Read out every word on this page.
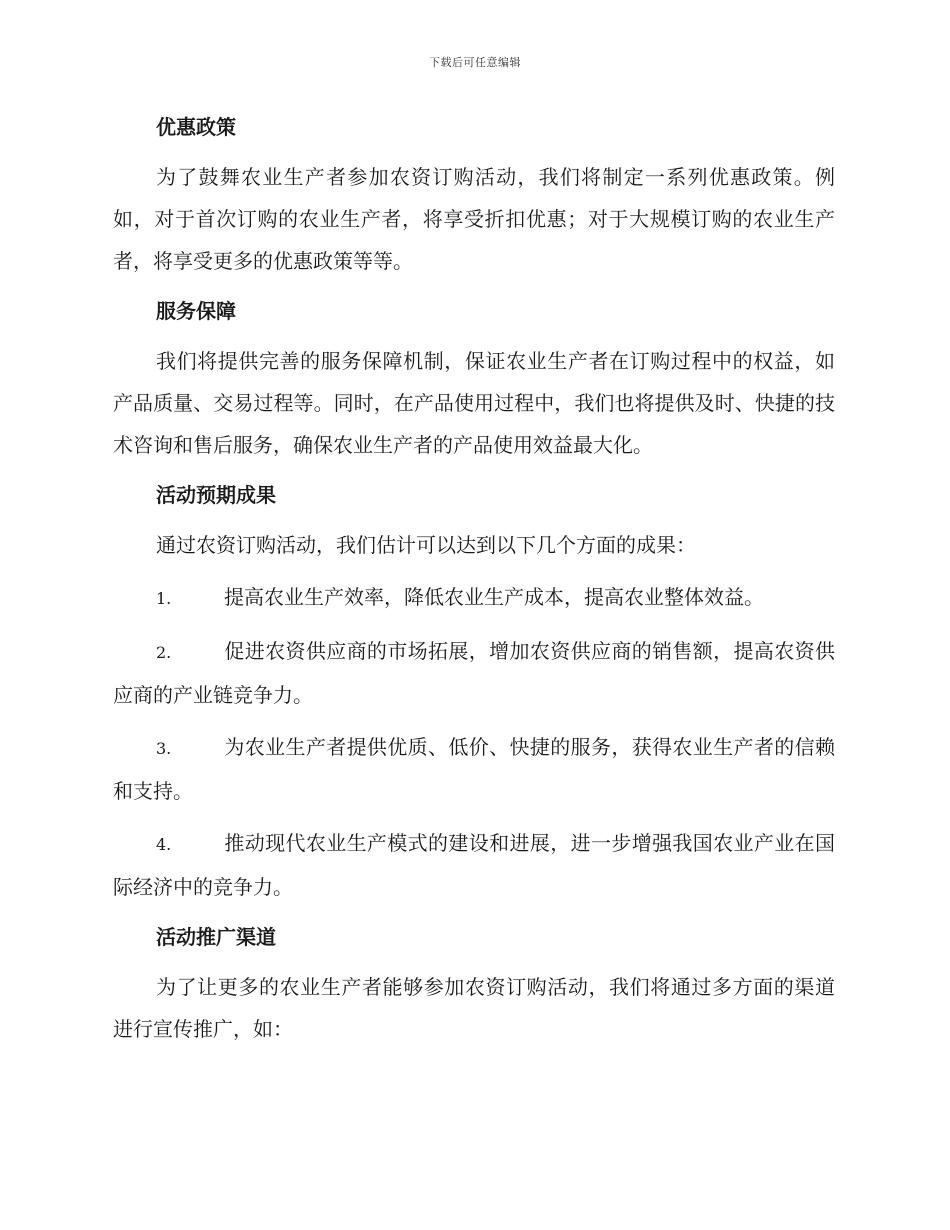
下载后可任意编辑

优惠政策

为了鼓舞农业生产者参加农资订购活动，我们将制定一系列优惠政策。例如，对于首次订购的农业生产者，将享受折扣优惠；对于大规模订购的农业生产者，将享受更多的优惠政策等等。

服务保障

我们将提供完善的服务保障机制，保证农业生产者在订购过程中的权益，如产品质量、交易过程等。同时，在产品使用过程中，我们也将提供及时、快捷的技术咨询和售后服务，确保农业生产者的产品使用效益最大化。

活动预期成果

通过农资订购活动，我们估计可以达到以下几个方面的成果：

1.	提高农业生产效率，降低农业生产成本，提高农业整体效益。

2.	促进农资供应商的市场拓展，增加农资供应商的销售额，提高农资供应商的产业链竞争力。

3.	为农业生产者提供优质、低价、快捷的服务，获得农业生产者的信赖和支持。

4.	推动现代农业生产模式的建设和进展，进一步增强我国农业产业在国际经济中的竞争力。

活动推广渠道

为了让更多的农业生产者能够参加农资订购活动，我们将通过多方面的渠道进行宣传推广，如：
